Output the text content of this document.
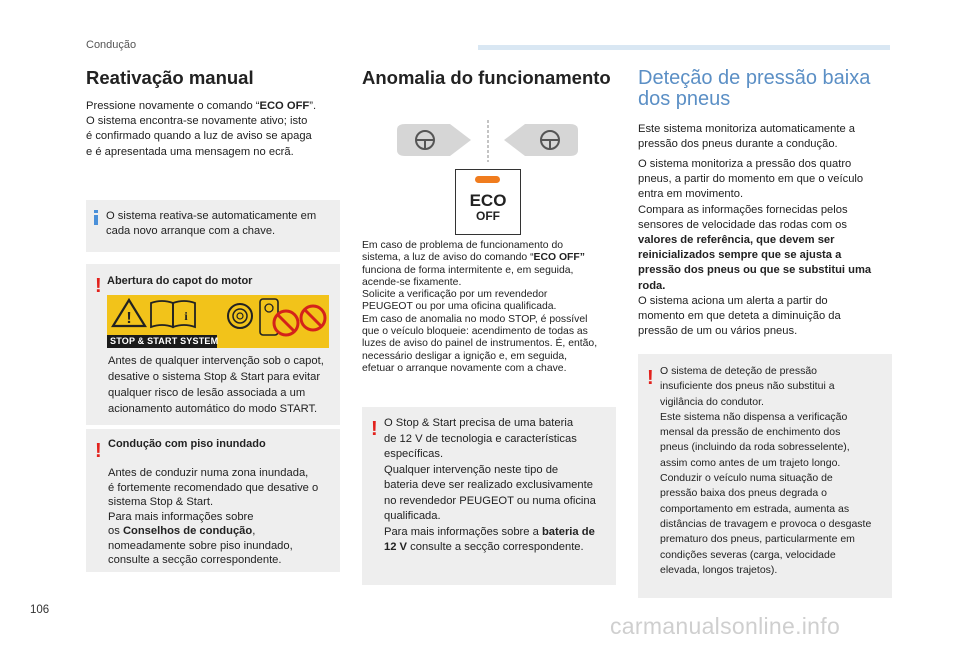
Condução
Reativação manual
Pressione novamente o comando “ECO OFF”.
O sistema encontra-se novamente ativo; isto
é confirmado quando a luz de aviso se apaga
e é apresentada uma mensagem no ecrã.
O sistema reativa-se automaticamente em
cada novo arranque com a chave.
! Abertura do capot do motor
!	i
STOP & START SYSTEM
Antes de qualquer intervenção sob o capot,
desative o sistema Stop & Start para evitar
qualquer risco de lesão associada a um
acionamento automático do modo START.
! Condução com piso inundado
Antes de conduzir numa zona inundada,
é fortemente recomendado que desative o
sistema Stop & Start.
Para mais informações sobre
os Conselhos de condução,
nomeadamente sobre piso inundado,
consulte a secção correspondente.
Anomalia do funcionamento
ECO
OFF
Em caso de problema de funcionamento do
sistema, a luz de aviso do comando “ECO OFF”
funciona de forma intermitente e, em seguida,
acende-se fixamente.
Solicite a verificação por um revendedor
PEUGEOT ou por uma oficina qualificada.
Em caso de anomalia no modo STOP, é possível
que o veículo bloqueie: acendimento de todas as
luzes de aviso do painel de instrumentos. É, então,
necessário desligar a ignição e, em seguida,
efetuar o arranque novamente com a chave.
! O Stop & Start precisa de uma bateria
de 12 V de tecnologia e características
específicas.
Qualquer intervenção neste tipo de
bateria deve ser realizado exclusivamente
no revendedor PEUGEOT ou numa oficina
qualificada.
Para mais informações sobre a bateria de
12 V consulte a secção correspondente.
Deteção de pressão baixa
dos pneus
Este sistema monitoriza automaticamente a
pressão dos pneus durante a condução.
O sistema monitoriza a pressão dos quatro
pneus, a partir do momento em que o veículo
entra em movimento.
Compara as informações fornecidas pelos
sensores de velocidade das rodas com os
valores de referência, que devem ser
reinicializados sempre que se ajusta a
pressão dos pneus ou que se substitui uma
roda.
O sistema aciona um alerta a partir do
momento em que deteta a diminuição da
pressão de um ou vários pneus.
! O sistema de deteção de pressão
insuficiente dos pneus não substitui a
vigilância do condutor.
Este sistema não dispensa a verificação
mensal da pressão de enchimento dos
pneus (incluindo da roda sobresselente),
assim como antes de um trajeto longo.
Conduzir o veículo numa situação de
pressão baixa dos pneus degrada o
comportamento em estrada, aumenta as
distâncias de travagem e provoca o desgaste
prematuro dos pneus, particularmente em
condições severas (carga, velocidade
elevada, longos trajetos).
106
carmanualsonline.info
